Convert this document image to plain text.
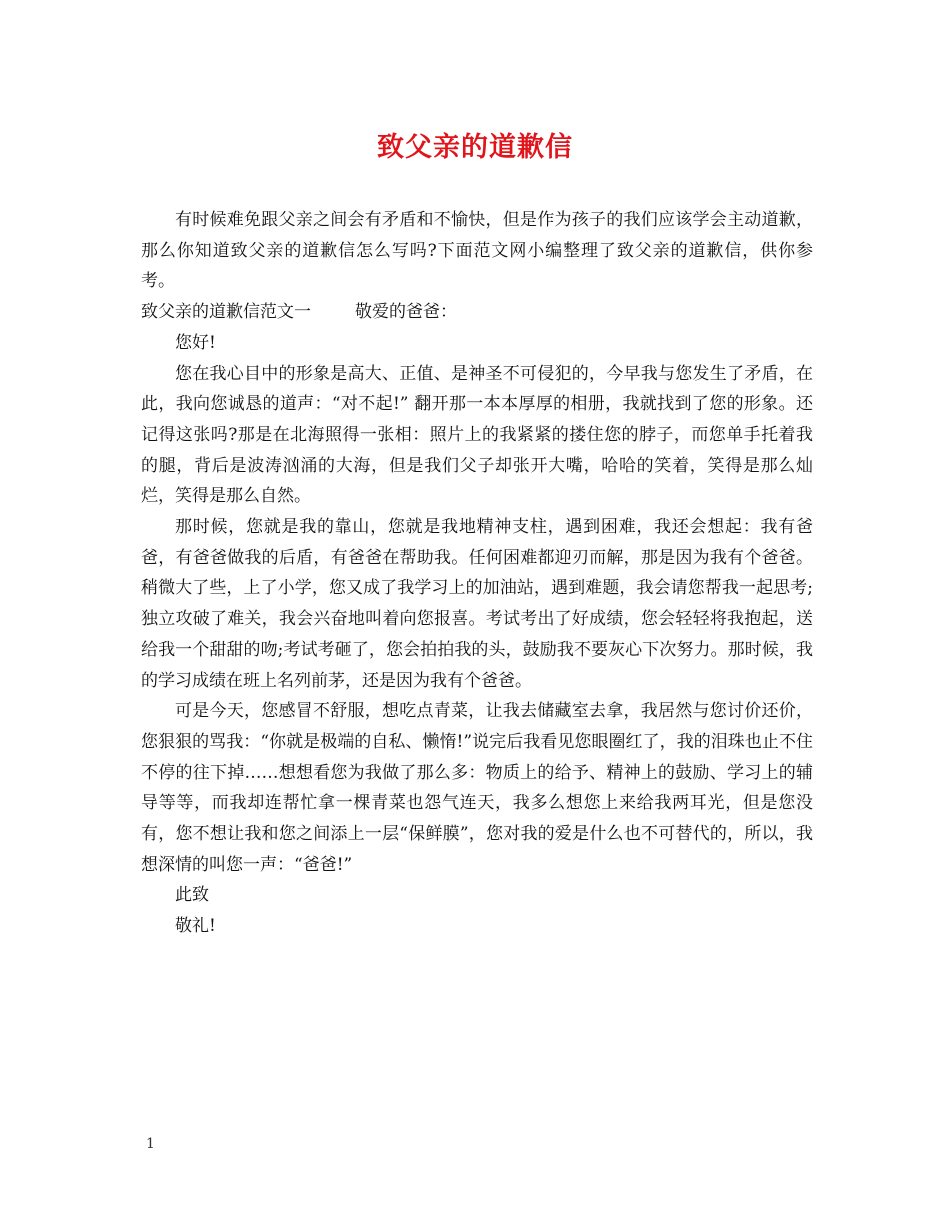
致父亲的道歉信

有时候难免跟父亲之间会有矛盾和不愉快，但是作为孩子的我们应该学会主动道歉，那么你知道致父亲的道歉信怎么写吗?下面范文网小编整理了致父亲的道歉信，供你参考。

致父亲的道歉信范文一	敬爱的爸爸：

您好!

您在我心目中的形象是高大、正值、是神圣不可侵犯的，今早我与您发生了矛盾，在此，我向您诚恳的道声：“对不起!” 翻开那一本本厚厚的相册，我就找到了您的形象。还记得这张吗?那是在北海照得一张相：照片上的我紧紧的搂住您的脖子，而您单手托着我的腿，背后是波涛汹涌的大海，但是我们父子却张开大嘴，哈哈的笑着，笑得是那么灿烂，笑得是那么自然。

那时候，您就是我的靠山，您就是我地精神支柱，遇到困难，我还会想起：我有爸爸，有爸爸做我的后盾，有爸爸在帮助我。任何困难都迎刃而解，那是因为我有个爸爸。稍微大了些，上了小学，您又成了我学习上的加油站，遇到难题，我会请您帮我一起思考;独立攻破了难关，我会兴奋地叫着向您报喜。考试考出了好成绩，您会轻轻将我抱起，送给我一个甜甜的吻;考试考砸了，您会拍拍我的头，鼓励我不要灰心下次努力。那时候，我的学习成绩在班上名列前茅，还是因为我有个爸爸。

可是今天，您感冒不舒服，想吃点青菜，让我去储藏室去拿，我居然与您讨价还价，您狠狠的骂我：“你就是极端的自私、懒惰!”说完后我看见您眼圈红了，我的泪珠也止不住不停的往下掉……想想看您为我做了那么多：物质上的给予、精神上的鼓励、学习上的辅导等等，而我却连帮忙拿一棵青菜也怨气连天，我多么想您上来给我两耳光，但是您没有，您不想让我和您之间添上一层“保鲜膜”，您对我的爱是什么也不可替代的，所以，我想深情的叫您一声：“爸爸!”

此致

敬礼!

1
